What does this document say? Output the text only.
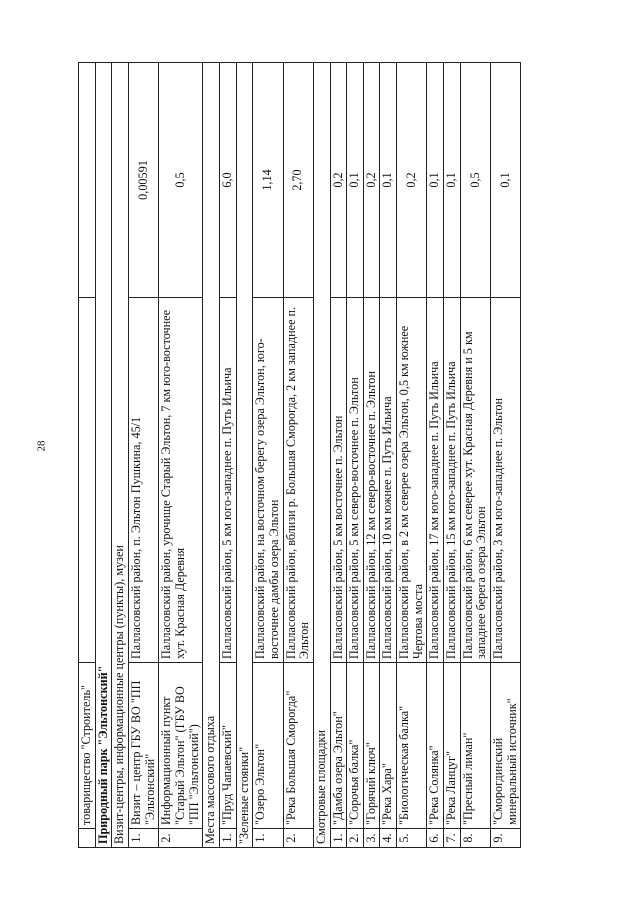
28
	товарищество "Строитель"		
Природный парк "Эльтонский"			
Визит-центры, информационные центры (пункты), музеи			
1.	Визит – центр ГБУ ВО "ПП "Эльтонский"	Палласовский район, п. Эльтон Пушкина, 45/1	0,00591
2.	Информационный пункт "Старый Эльтон" (ГБУ ВО "ПП "Эльтонский")	Палласовский район, урочище Старый Эльтон, 7 км юго-восточнее хут. Красная Деревня	0,5
Места массового отдыха			
1.	"Пруд Чапаевский"	Палласовский район, 5 км юго-западнее п. Путь Ильича	6,0
"Зеленые стоянки"			
1.	"Озеро Эльтон"	Палласовский район, на восточном берегу озера Эльтон, юго-восточнее дамбы озера Эльтон	1,14
2.	"Река Большая Сморогда"	Палласовский район, вблизи р. Большая Сморогда, 2 км западнее п. Эльтон	2,70
Смотровые площадки			
1.	"Дамба озера Эльтон"	Палласовский район, 5 км восточнее п. Эльтон	0,2
2.	"Сорочья балка"	Палласовский район, 5 км северо-восточнее п. Эльтон	0,1
3.	"Горячий ключ"	Палласовский район, 12 км северо-восточнее п. Эльтон	0,2
4.	"Река Хара"	Палласовский район, 10 км южнее п. Путь Ильича	0,1
5.	"Биологическая балка"	Палласовский район, в 2 км северее озера Эльтон, 0,5 км южнее Чертова моста	0,2
6.	"Река Солянка"	Палласовский район, 17 км юго-западнее п. Путь Ильича	0,1
7.	"Река Ланцуг"	Палласовский район, 15 км юго-западнее п. Путь Ильича	0,1
8.	"Пресный лиман"	Палласовский район, 6 км северее хут. Красная Деревня и 5 км западнее берега озера Эльтон	0,5
9.	"Сморогдинский минеральный источник"	Палласовский район, 3 км юго-западнее п. Эльтон	0,1
